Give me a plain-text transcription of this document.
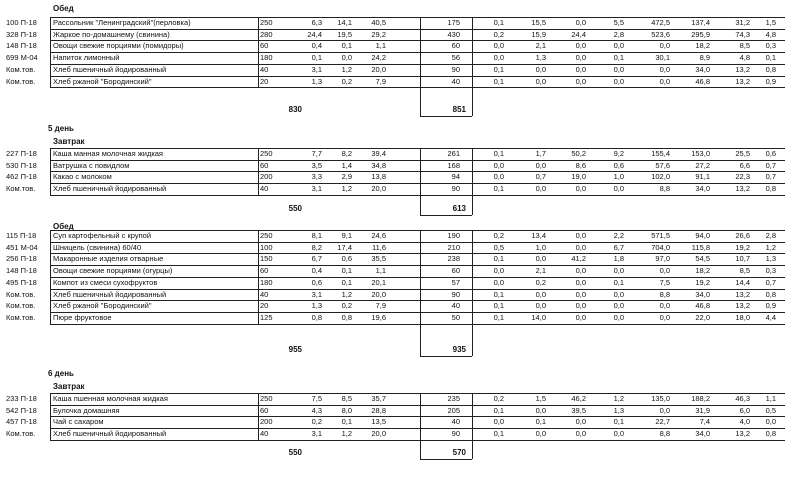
Обед
100 П-18	Рассольник "Ленинградский"(перловка)	250	6,3	14,1	40,5	175	0,1	15,5	0,0	5,5	472,5	137,4	31,2	1,5
328 П-18	Жаркое по-домашнему (свинина)	280	24,4	19,5	29,2	430	0,2	15,9	24,4	2,8	523,6	295,9	74,3	4,8
148 П-18	Овощи свежие порциями (помидоры)	60	0,4	0,1	1,1	60	0,0	2,1	0,0	0,0	0,0	18,2	8,5	0,3
699 М-04	Напиток лимонный	180	0,1	0,0	24,2	56	0,0	1,3	0,0	0,1	30,1	8,9	4,8	0,1
Ком.тов.	Хлеб пшеничный йодированный	40	3,1	1,2	20,0	90	0,1	0,0	0,0	0,0	0,0	34,0	13,2	0,8
Ком.тов.	Хлеб ржаной "Бородинский"	20	1,3	0,2	7,9	40	0,1	0,0	0,0	0,0	0,0	46,8	13,2	0,9
830	851
5 день
Завтрак
227 П-18	Каша манная молочная жидкая	250	7,7	8,2	39,4	261	0,1	1,7	50,2	9,2	155,4	153,0	25,5	0,6
530 П-18	Ватрушка с повидлом	60	3,5	1,4	34,8	168	0,0	0,0	8,6	0,6	57,6	27,2	6,6	0,7
462 П-18	Какао с молоком	200	3,3	2,9	13,8	94	0,0	0,7	19,0	1,0	102,0	91,1	22,3	0,7
Ком.тов.	Хлеб пшеничный йодированный	40	3,1	1,2	20,0	90	0,1	0,0	0,0	0,0	8,8	34,0	13,2	0,8
550	613
Обед
115 П-18	Суп картофельный с крупой	250	8,1	9,1	24,6	190	0,2	13,4	0,0	2,2	571,5	94,0	26,6	2,8
451 М-04	Шницель (свинина) 60/40	100	8,2	17,4	11,6	210	0,5	1,0	0,0	6,7	704,0	115,8	19,2	1,2
256 П-18	Макаронные изделия отварные	150	6,7	0,6	35,5	238	0,1	0,0	41,2	1,8	97,0	54,5	10,7	1,3
148 П-18	Овощи свежие порциями (огурцы)	60	0,4	0,1	1,1	60	0,0	2,1	0,0	0,0	0,0	18,2	8,5	0,3
495 П-18	Компот из смеси сухофруктов	180	0,6	0,1	20,1	57	0,0	0,2	0,0	0,1	7,5	19,2	14,4	0,7
Ком.тов.	Хлеб пшеничный йодированный	40	3,1	1,2	20,0	90	0,1	0,0	0,0	0,0	8,8	34,0	13,2	0,8
Ком.тов.	Хлеб ржаной "Бородинский"	20	1,3	0,2	7,9	40	0,1	0,0	0,0	0,0	0,0	46,8	13,2	0,9
Ком.тов.	Пюре фруктовое	125	0,8	0,8	19,6	50	0,1	14,0	0,0	0,0	0,0	22,0	18,0	4,4
955	935
6 день
Завтрак
233 П-18	Каша пшенная молочная жидкая	250	7,5	8,5	35,7	235	0,2	1,5	46,2	1,2	135,0	188,2	46,3	1,1
542 П-18	Булочка домашняя	60	4,3	8,0	28,8	205	0,1	0,0	39,5	1,3	0,0	31,9	6,0	0,5
457 П-18	Чай с сахаром	200	0,2	0,1	13,5	40	0,0	0,1	0,0	0,1	22,7	7,4	4,0	0,0
Ком.тов.	Хлеб пшеничный йодированный	40	3,1	1,2	20,0	90	0,1	0,0	0,0	0,0	8,8	34,0	13,2	0,8
550	570
